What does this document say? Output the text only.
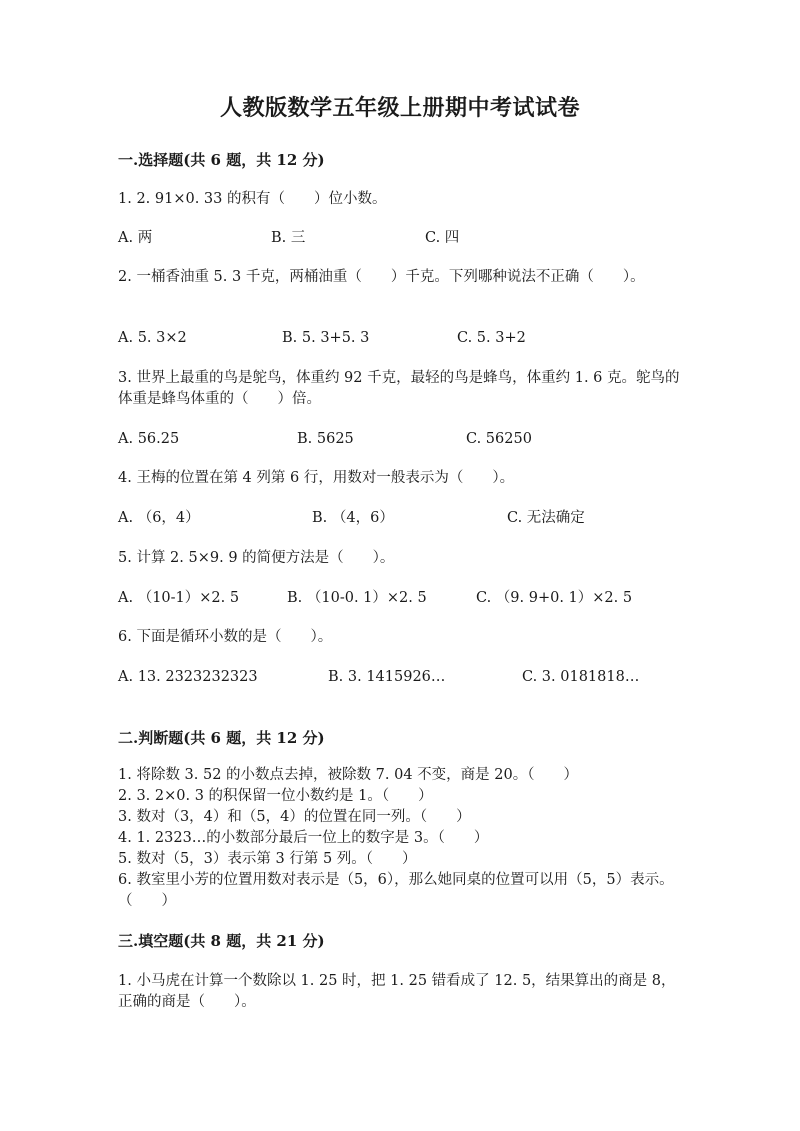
人教版数学五年级上册期中考试试卷
一.选择题(共 6 题，共 12 分)
1. 2. 91×0. 33 的积有（　　）位小数。
A. 两	B. 三	C. 四
2. 一桶香油重 5. 3 千克，两桶油重（　　）千克。下列哪种说法不正确（　　）。
A. 5. 3×2	B. 5. 3+5. 3	C. 5. 3+2
3. 世界上最重的鸟是鸵鸟，体重约 92 千克，最轻的鸟是蜂鸟，体重约 1. 6 克。鸵鸟的体重是蜂鸟体重的（　　）倍。
A. 56.25	B. 5625	C. 56250
4. 王梅的位置在第 4 列第 6 行，用数对一般表示为（　　）。
A. （6，4）	B. （4，6）	C. 无法确定
5. 计算 2. 5×9. 9 的简便方法是（　　）。
A. （10-1）×2. 5	B. （10-0. 1）×2. 5	C. （9. 9+0. 1）×2. 5
6. 下面是循环小数的是（　　）。
A. 13. 2323232323	B. 3. 1415926…	C. 3. 0181818…
二.判断题(共 6 题，共 12 分)
1. 将除数 3. 52 的小数点去掉，被除数 7. 04 不变，商是 20。（　　）
2. 3. 2×0. 3 的积保留一位小数约是 1。（　　）
3. 数对（3，4）和（5，4）的位置在同一列。（　　）
4. 1. 2323…的小数部分最后一位上的数字是 3。（　　）
5. 数对（5，3）表示第 3 行第 5 列。（　　）
6. 教室里小芳的位置用数对表示是（5，6），那么她同桌的位置可以用（5，5）表示。（　　）
三.填空题(共 8 题，共 21 分)
1. 小马虎在计算一个数除以 1. 25 时，把 1. 25 错看成了 12. 5，结果算出的商是 8，正确的商是（　　）。
